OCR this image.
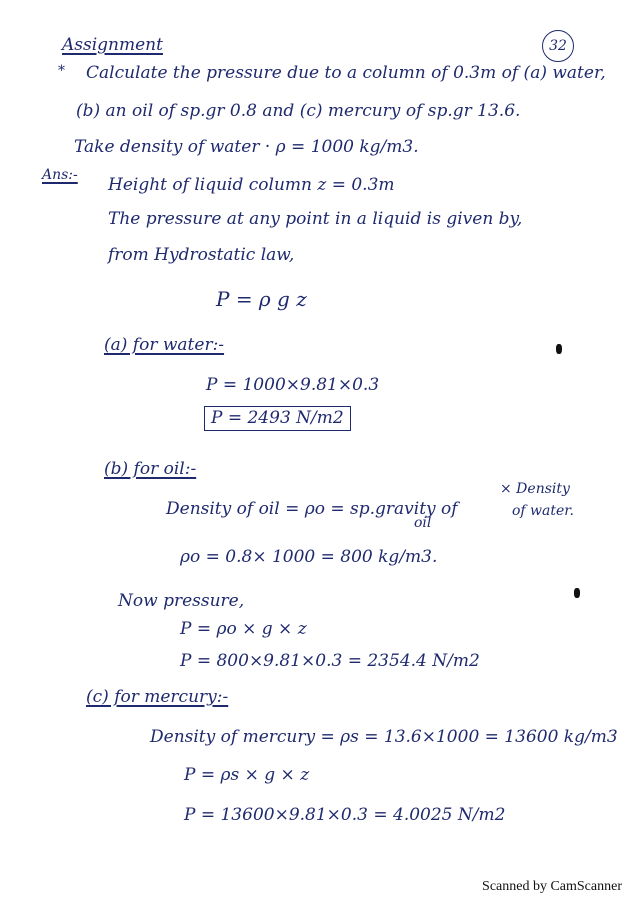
32
Assignment
* Calculate the pressure due to a column of 0.3m of (a) water,
(b) an oil of sp.gr 0.8 and (c) mercury of sp.gr 13.6.
Take density of water · ρ = 1000 kg/m3.
Ans:- Height of liquid column z = 0.3m
The pressure at any point in a liquid is given by,
from Hydrostatic law,
P = ρ g z
(a) for water:-
P = 1000×9.81×0.3
P = 2493 N/m2
(b) for oil:-
Density of oil = ρo = sp.gravity of
oil
× Density
of water.
ρo = 0.8× 1000 = 800 kg/m3.
Now pressure,
P = ρo × g × z
P = 800×9.81×0.3 = 2354.4 N/m2
(c) for mercury:-
Density of mercury = ρs = 13.6×1000 = 13600 kg/m3
P = ρs × g × z
P = 13600×9.81×0.3 = 4.0025 N/m2
Scanned by CamScanner
